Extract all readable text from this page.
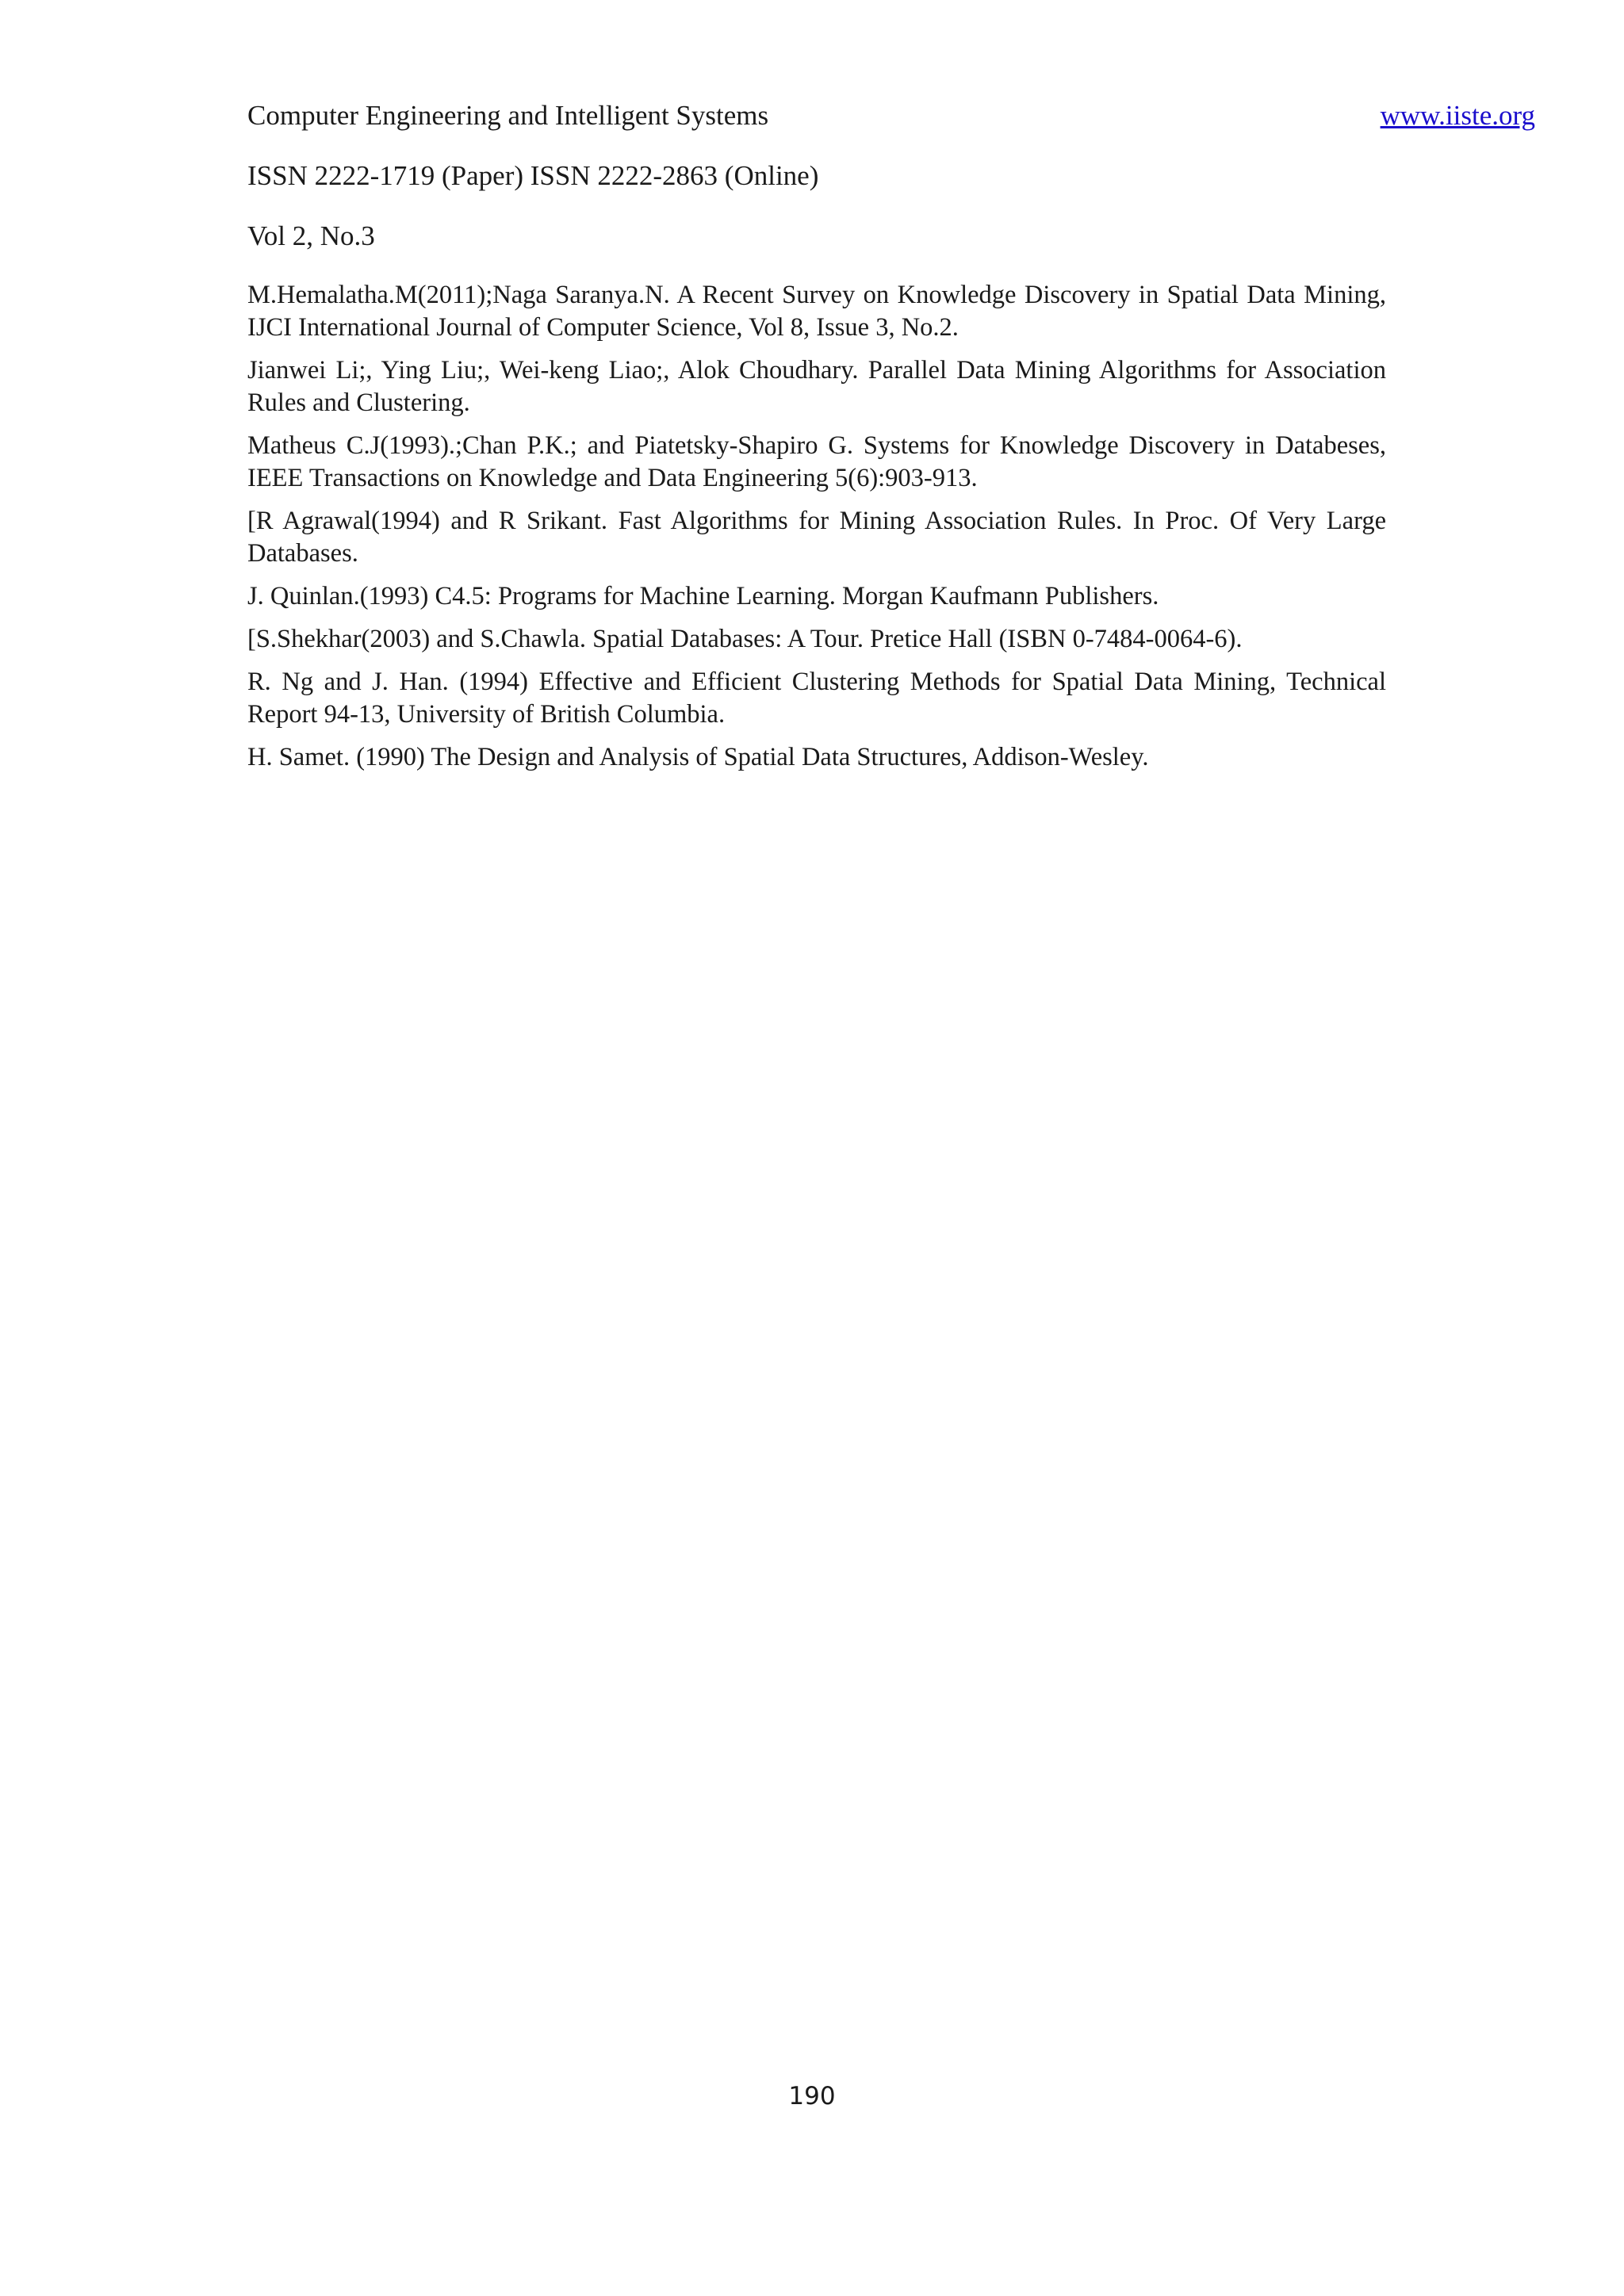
Computer Engineering and Intelligent Systems	www.iiste.org
ISSN 2222-1719 (Paper) ISSN 2222-2863 (Online)
Vol 2, No.3

M.Hemalatha.M(2011);Naga Saranya.N. A Recent Survey on Knowledge Discovery in Spatial Data Mining, IJCI International Journal of Computer Science, Vol 8, Issue 3, No.2.

Jianwei Li;, Ying Liu;, Wei-keng Liao;, Alok Choudhary. Parallel Data Mining Algorithms for Association Rules and Clustering.

Matheus C.J(1993).;Chan P.K.; and Piatetsky-Shapiro G. Systems for Knowledge Discovery in Databeses, IEEE Transactions on Knowledge and Data Engineering 5(6):903-913.

[R Agrawal(1994) and R Srikant. Fast Algorithms for Mining Association Rules. In Proc. Of Very Large Databases.

J. Quinlan.(1993) C4.5: Programs for Machine Learning. Morgan Kaufmann Publishers.

[S.Shekhar(2003) and S.Chawla. Spatial Databases: A Tour. Pretice Hall (ISBN 0-7484-0064-6).

R. Ng and J. Han. (1994) Effective and Efficient Clustering Methods for Spatial Data Mining, Technical Report 94-13, University of British Columbia.

H. Samet. (1990) The Design and Analysis of Spatial Data Structures, Addison-Wesley.

190
